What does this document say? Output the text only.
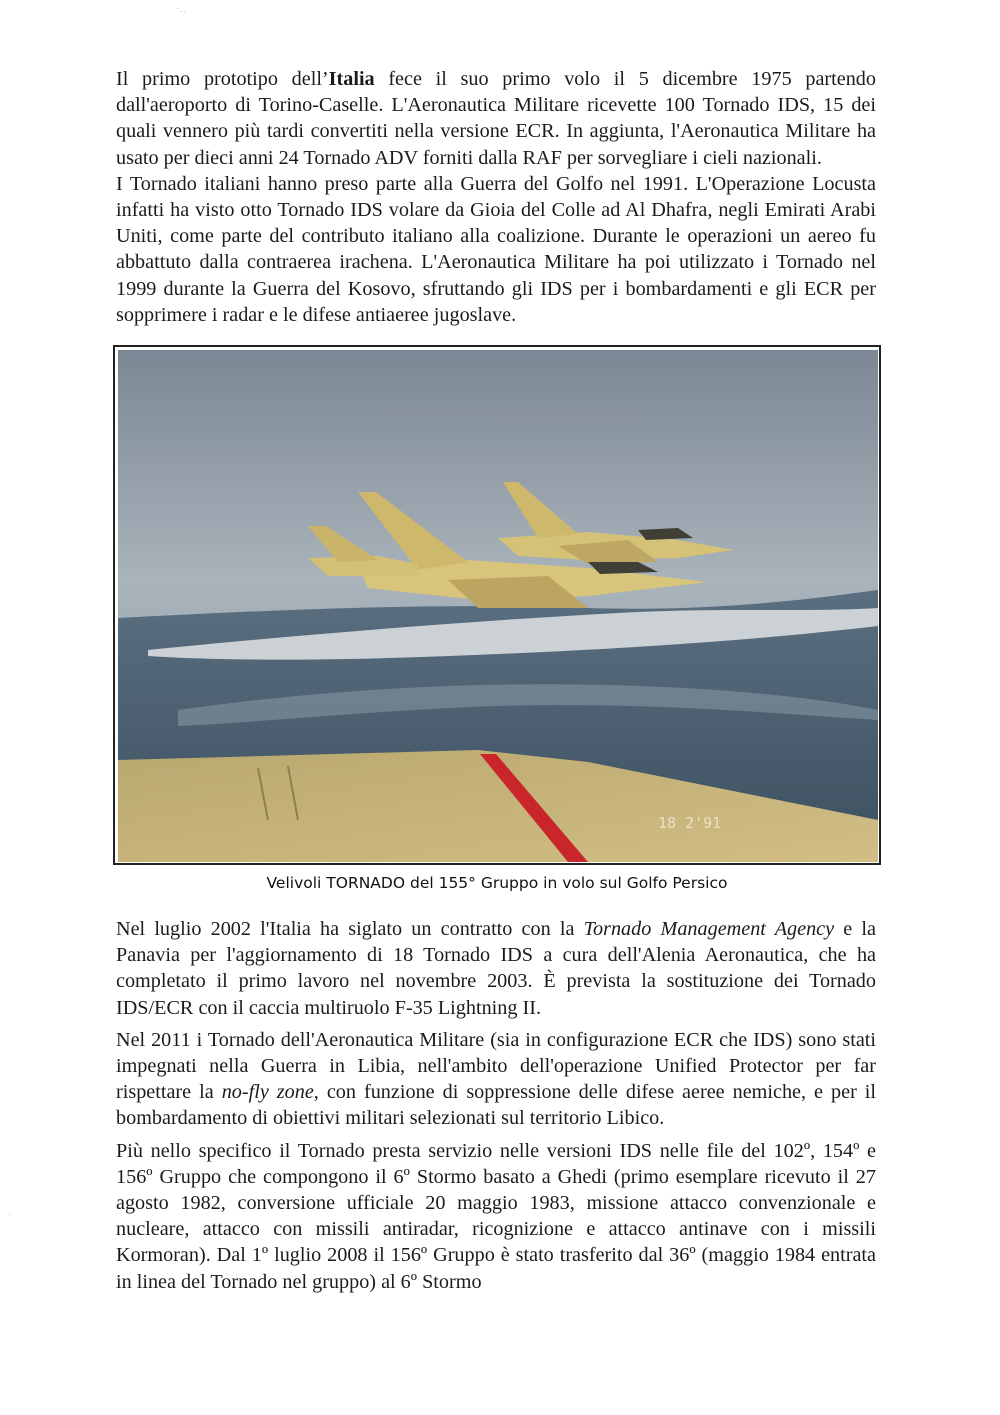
·‥
·

Il primo prototipo dell’Italia fece il suo primo volo il 5 dicembre 1975 partendo dall'aeroporto di Torino-Caselle. L'Aeronautica Militare ricevette 100 Tornado IDS, 15 dei quali vennero più tardi convertiti nella versione ECR. In aggiunta, l'Aeronautica Militare ha usato per dieci anni 24 Tornado ADV forniti dalla RAF per sorvegliare i cieli nazionali.

I Tornado italiani hanno preso parte alla Guerra del Golfo nel 1991. L'Operazione Locusta infatti ha visto otto Tornado IDS volare da Gioia del Colle ad Al Dhafra, negli Emirati Arabi Uniti, come parte del contributo italiano alla coalizione. Durante le operazioni un aereo fu abbattuto dalla contraerea irachena. L'Aeronautica Militare ha poi utilizzato i Tornado nel 1999 durante la Guerra del Kosovo, sfruttando gli IDS per i bombardamenti e gli ECR per sopprimere i radar e le difese antiaeree jugoslave.

18 2'91
Velivoli TORNADO del 155° Gruppo in volo sul Golfo Persico

Nel luglio 2002 l'Italia ha siglato un contratto con la Tornado Management Agency e la Panavia per l'aggiornamento di 18 Tornado IDS a cura dell'Alenia Aeronautica, che ha completato il primo lavoro nel novembre 2003. È prevista la sostituzione dei Tornado IDS/ECR con il caccia multiruolo F-35 Lightning II.

Nel 2011 i Tornado dell'Aeronautica Militare (sia in configurazione ECR che IDS) sono stati impegnati nella Guerra in Libia, nell'ambito dell'operazione Unified Protector per far rispettare la no-fly zone, con funzione di soppressione delle difese aeree nemiche, e per il bombardamento di obiettivi militari selezionati sul territorio Libico.

Più nello specifico il Tornado presta servizio nelle versioni IDS nelle file del 102º, 154º e 156º Gruppo che compongono il 6º Stormo basato a Ghedi (primo esemplare ricevuto il 27 agosto 1982, conversione ufficiale 20 maggio 1983, missione attacco convenzionale e nucleare, attacco con missili antiradar, ricognizione e attacco antinave con i missili Kormoran). Dal 1º luglio 2008 il 156º Gruppo è stato trasferito dal 36º (maggio 1984 entrata in linea del Tornado nel gruppo) al 6º Stormo
